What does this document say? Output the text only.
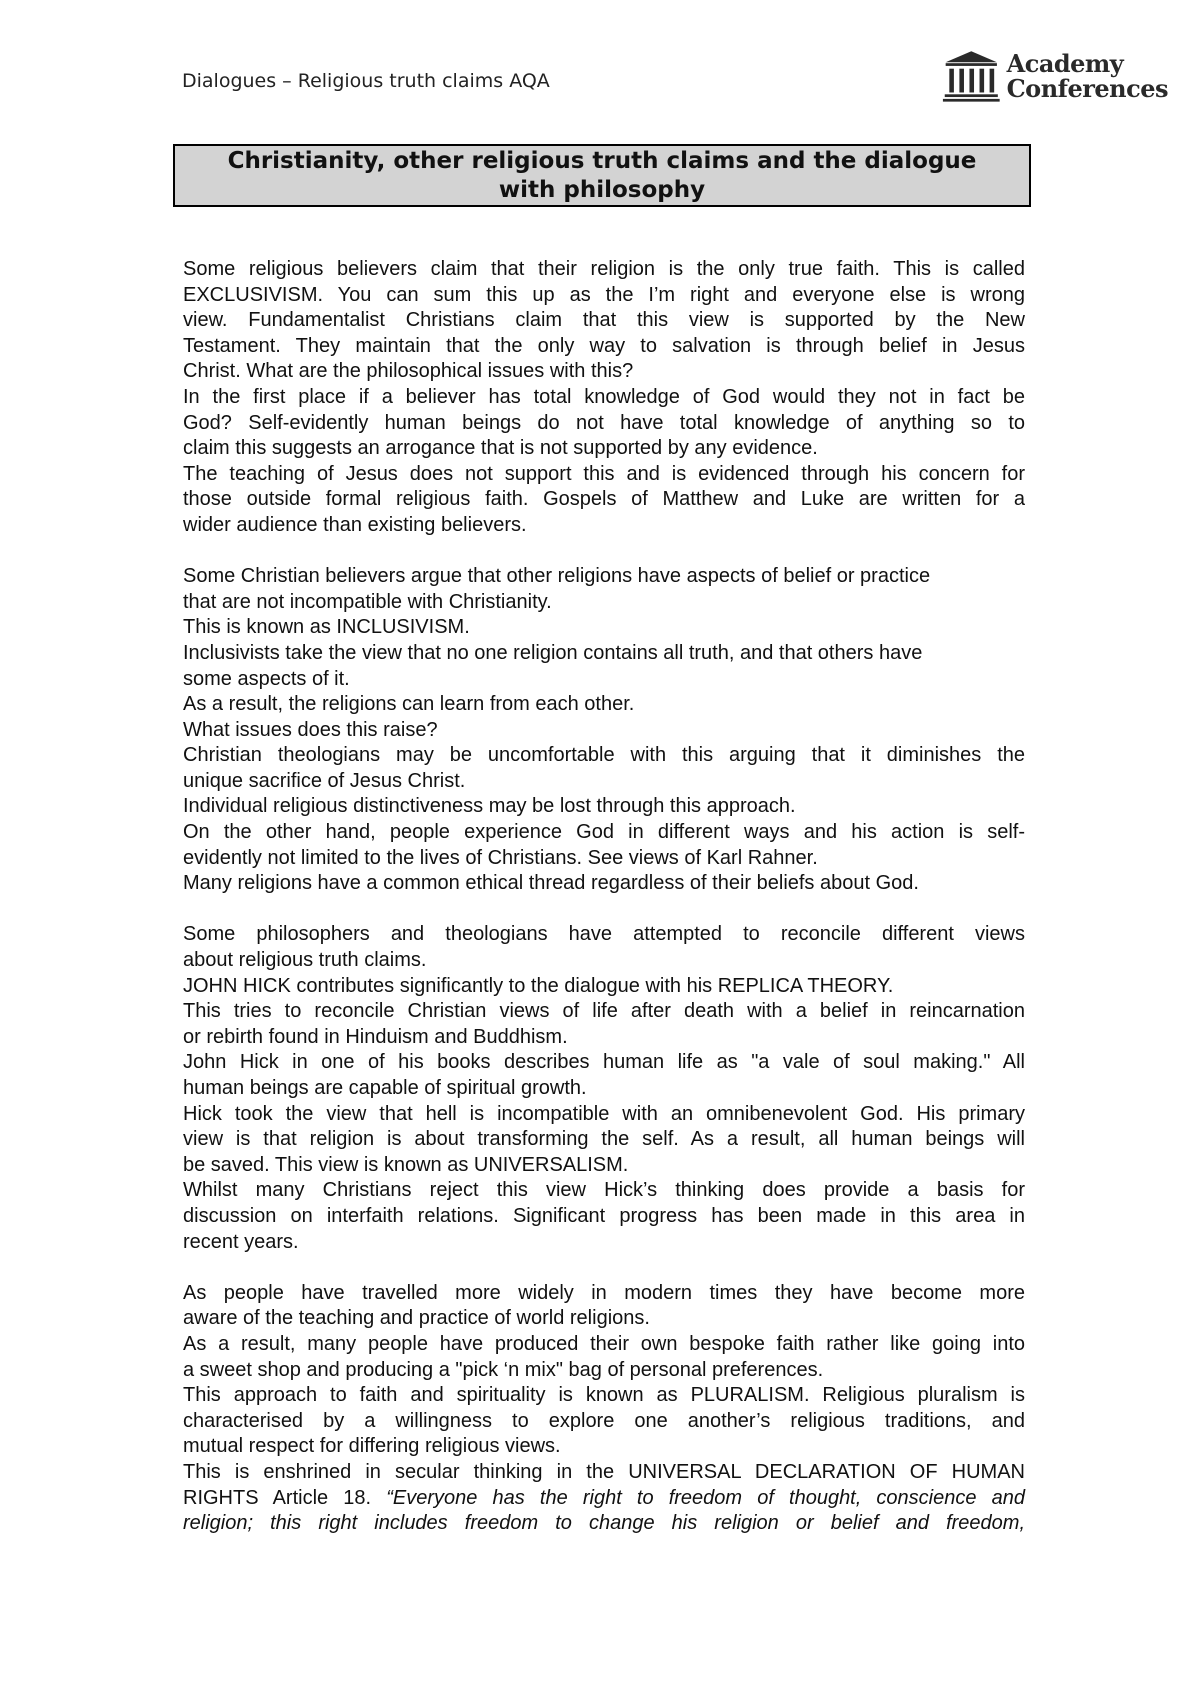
Dialogues – Religious truth claims AQA
Academy
Conferences
Christianity, other religious truth claims and the dialogue
with philosophy
Some religious believers claim that their religion is the only true faith. This is called
EXCLUSIVISM. You can sum this up as the I’m right and everyone else is wrong
view. Fundamentalist Christians claim that this view is supported by the New
Testament. They maintain that the only way to salvation is through belief in Jesus
Christ. What are the philosophical issues with this?
In the first place if a believer has total knowledge of God would they not in fact be
God? Self-evidently human beings do not have total knowledge of anything so to
claim this suggests an arrogance that is not supported by any evidence.
The teaching of Jesus does not support this and is evidenced through his concern for
those outside formal religious faith. Gospels of Matthew and Luke are written for a
wider audience than existing believers.
Some Christian believers argue that other religions have aspects of belief or practice
that are not incompatible with Christianity.
This is known as INCLUSIVISM.
Inclusivists take the view that no one religion contains all truth, and that others have
some aspects of it.
As a result, the religions can learn from each other.
What issues does this raise?
Christian theologians may be uncomfortable with this arguing that it diminishes the
unique sacrifice of Jesus Christ.
Individual religious distinctiveness may be lost through this approach.
On the other hand, people experience God in different ways and his action is self-
evidently not limited to the lives of Christians. See views of Karl Rahner.
Many religions have a common ethical thread regardless of their beliefs about God.
Some philosophers and theologians have attempted to reconcile different views
about religious truth claims.
JOHN HICK contributes significantly to the dialogue with his REPLICA THEORY.
This tries to reconcile Christian views of life after death with a belief in reincarnation
or rebirth found in Hinduism and Buddhism.
John Hick in one of his books describes human life as "a vale of soul making." All
human beings are capable of spiritual growth.
Hick took the view that hell is incompatible with an omnibenevolent God. His primary
view is that religion is about transforming the self. As a result, all human beings will
be saved. This view is known as UNIVERSALISM.
Whilst many Christians reject this view Hick’s thinking does provide a basis for
discussion on interfaith relations. Significant progress has been made in this area in
recent years.
As people have travelled more widely in modern times they have become more
aware of the teaching and practice of world religions.
As a result, many people have produced their own bespoke faith rather like going into
a sweet shop and producing a "pick ‘n mix" bag of personal preferences.
This approach to faith and spirituality is known as PLURALISM. Religious pluralism is
characterised by a willingness to explore one another’s religious traditions, and
mutual respect for differing religious views.
This is enshrined in secular thinking in the UNIVERSAL DECLARATION OF HUMAN
RIGHTS Article 18. “Everyone has the right to freedom of thought, conscience and
religion; this right includes freedom to change his religion or belief and freedom,
